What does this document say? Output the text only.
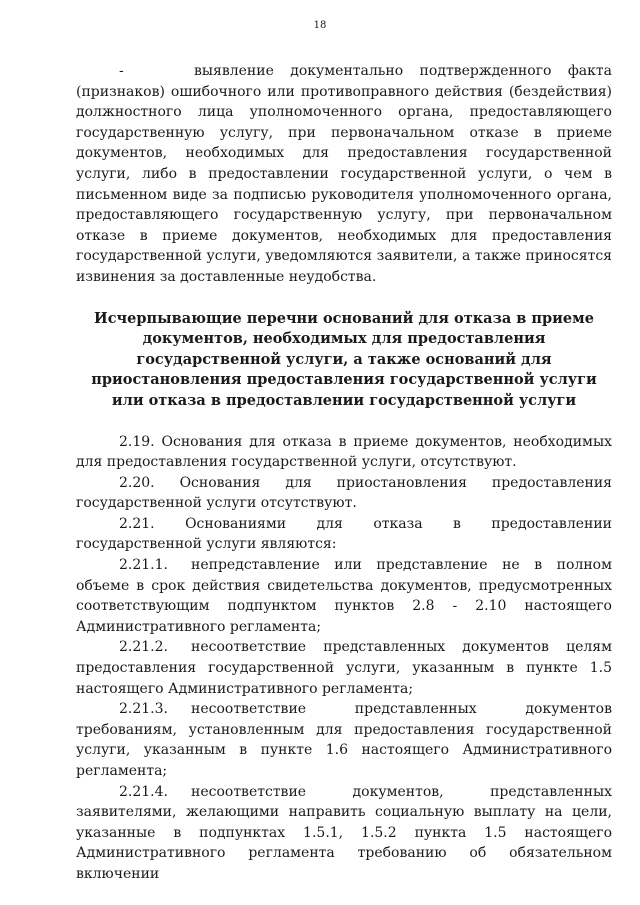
18

-	выявление документально подтвержденного факта (признаков) ошибочного или противоправного действия (бездействия) должностного лица уполномоченного органа, предоставляющего государственную услугу, при первоначальном отказе в приеме документов, необходимых для предоставления государственной услуги, либо в предоставлении государственной услуги, о чем в письменном виде за подписью руководителя уполномоченного органа, предоставляющего государственную услугу, при первоначальном отказе в приеме документов, необходимых для предоставления государственной услуги, уведомляются заявители, а также приносятся извинения за доставленные неудобства.

Исчерпывающие перечни оснований для отказа в приеме документов, необходимых для предоставления государственной услуги, а также оснований для приостановления предоставления государственной услуги или отказа в предоставлении государственной услуги

2.19. Основания для отказа в приеме документов, необходимых для предоставления государственной услуги, отсутствуют.

2.20. Основания для приостановления предоставления государственной услуги отсутствуют.

2.21. Основаниями для отказа в предоставлении государственной услуги являются:

2.21.1. непредставление или представление не в полном объеме в срок действия свидетельства документов, предусмотренных соответствующим подпунктом пунктов 2.8 - 2.10 настоящего Административного регламента;

2.21.2. несоответствие представленных документов целям предоставления государственной услуги, указанным в пункте 1.5 настоящего Административного регламента;

2.21.3. несоответствие представленных документов требованиям, установленным для предоставления государственной услуги, указанным в пункте 1.6 настоящего Административного регламента;

2.21.4. несоответствие документов, представленных заявителями, желающими направить социальную выплату на цели, указанные в подпунктах 1.5.1, 1.5.2 пункта 1.5 настоящего Административного регламента требованию об обязательном включении
